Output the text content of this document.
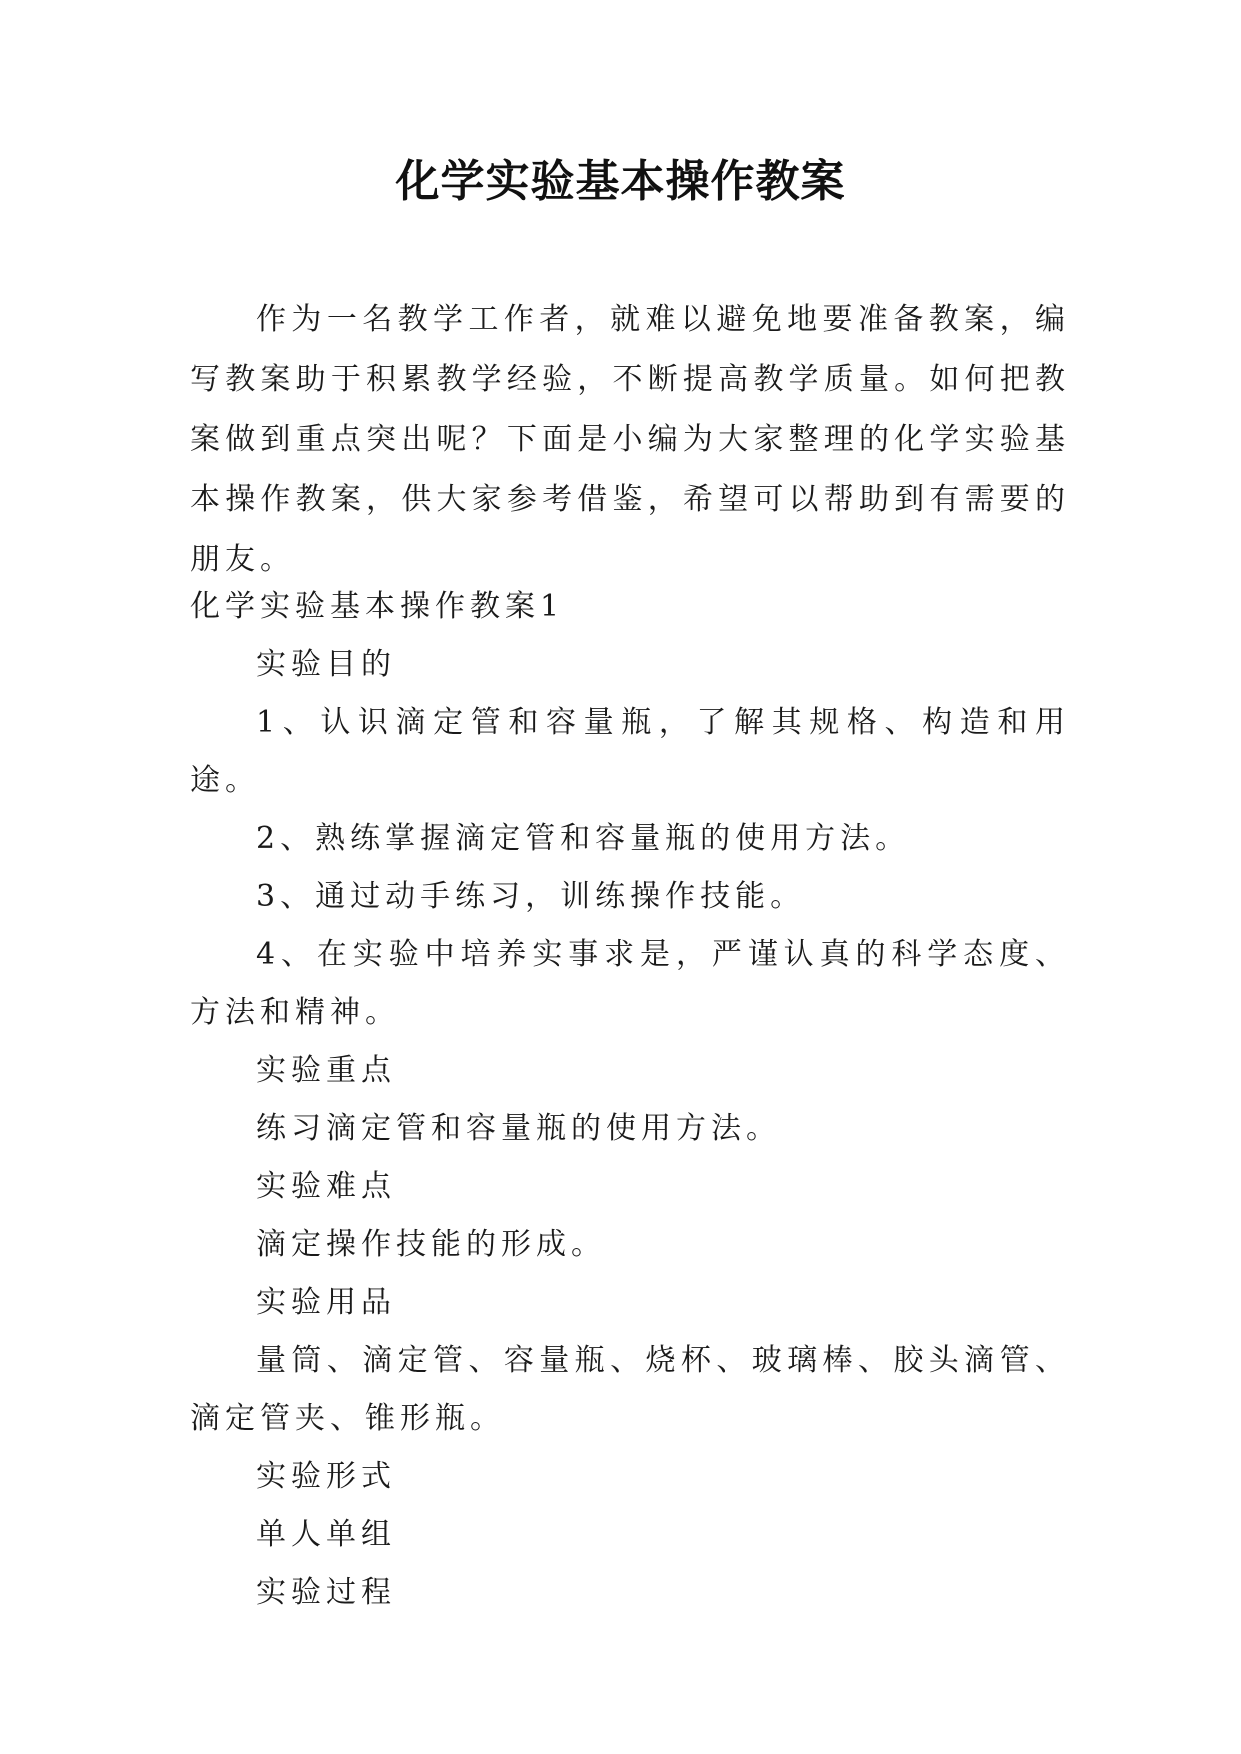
化学实验基本操作教案

作为一名教学工作者，就难以避免地要准备教案，编写教案助于积累教学经验，不断提高教学质量。如何把教案做到重点突出呢？下面是小编为大家整理的化学实验基本操作教案，供大家参考借鉴，希望可以帮助到有需要的朋友。

化学实验基本操作教案1

实验目的

1、认识滴定管和容量瓶，了解其规格、构造和用途。

2、熟练掌握滴定管和容量瓶的使用方法。

3、通过动手练习，训练操作技能。

4、在实验中培养实事求是，严谨认真的科学态度、方法和精神。

实验重点

练习滴定管和容量瓶的使用方法。

实验难点

滴定操作技能的形成。

实验用品

量筒、滴定管、容量瓶、烧杯、玻璃棒、胶头滴管、滴定管夹、锥形瓶。

实验形式

单人单组

实验过程
